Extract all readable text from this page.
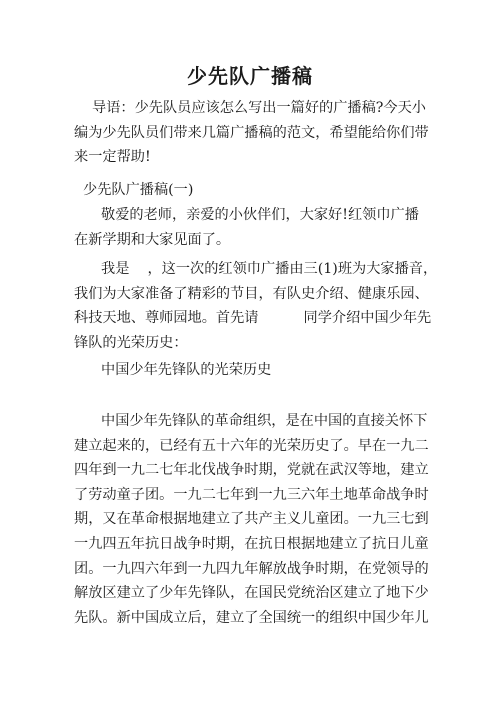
少先队广播稿
导语：少先队员应该怎么写出一篇好的广播稿?今天小
编为少先队员们带来几篇广播稿的范文，希望能给你们带
来一定帮助!
少先队广播稿(一)
敬爱的老师，亲爱的小伙伴们，大家好!红领巾广播
在新学期和大家见面了。
我是    ，这一次的红领巾广播由三(1)班为大家播音，
我们为大家准备了精彩的节目，有队史介绍、健康乐园、
科技天地、尊师园地。首先请          同学介绍中国少年先
锋队的光荣历史：
中国少年先锋队的光荣历史
中国少年先锋队的革命组织，是在中国的直接关怀下
建立起来的，已经有五十六年的光荣历史了。早在一九二
四年到一九二七年北伐战争时期，党就在武汉等地，建立
了劳动童子团。一九二七年到一九三六年土地革命战争时
期，又在革命根据地建立了共产主义儿童团。一九三七到
一九四五年抗日战争时期，在抗日根据地建立了抗日儿童
团。一九四六年到一九四九年解放战争时期，在党领导的
解放区建立了少年先锋队，在国民党统治区建立了地下少
先队。新中国成立后，建立了全国统一的组织中国少年儿
